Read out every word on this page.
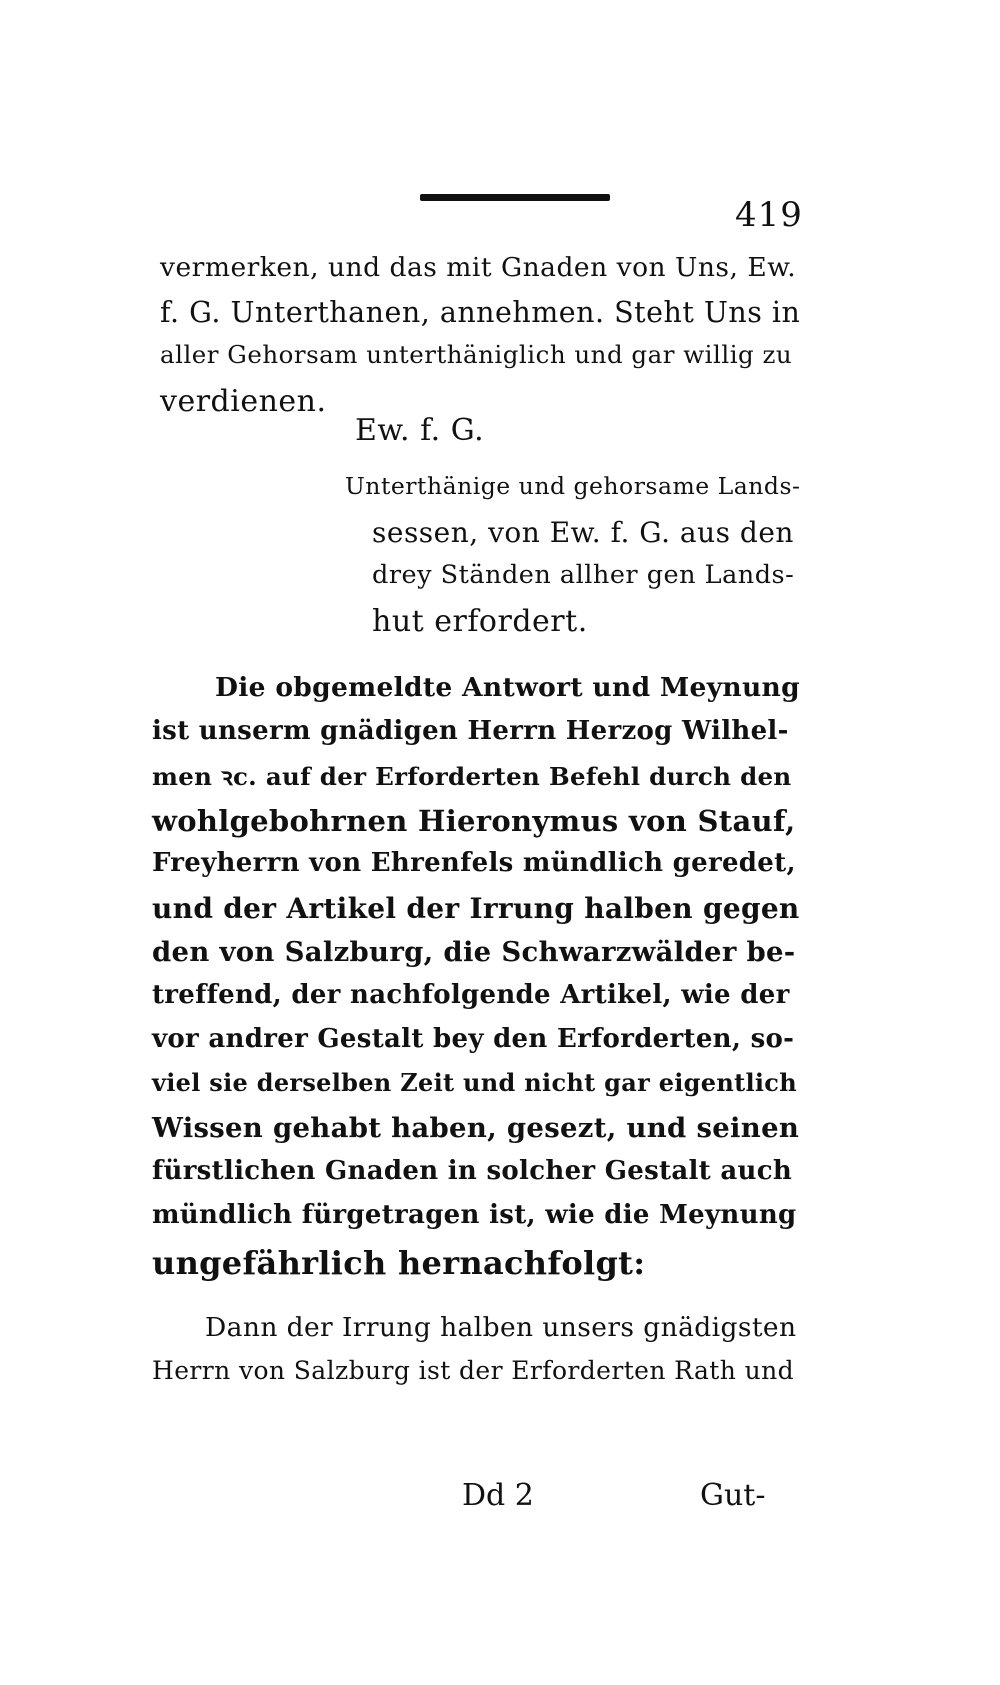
419
vermerken, und das mit Gnaden von Uns, Ew.
f. G. Unterthanen, annehmen. Steht Uns in
aller Gehorsam unterthäniglich und gar willig zu
verdienen.
Ew. f. G.
Unterthänige und gehorsame Lands-
sessen, von Ew. f. G. aus den
drey Ständen allher gen Lands-
hut erfordert.
Die obgemeldte Antwort und Meynung
ist unserm gnädigen Herrn Herzog Wilhel-
men ꝛc. auf der Erforderten Befehl durch den
wohlgebohrnen Hieronymus von Stauf,
Freyherrn von Ehrenfels mündlich geredet,
und der Artikel der Irrung halben gegen
den von Salzburg, die Schwarzwälder be-
treffend, der nachfolgende Artikel, wie der
vor andrer Gestalt bey den Erforderten, so-
viel sie derselben Zeit und nicht gar eigentlich
Wissen gehabt haben, gesezt, und seinen
fürstlichen Gnaden in solcher Gestalt auch
mündlich fürgetragen ist, wie die Meynung
ungefährlich hernachfolgt:
Dann der Irrung halben unsers gnädigsten
Herrn von Salzburg ist der Erforderten Rath und
Dd 2	Gut-
